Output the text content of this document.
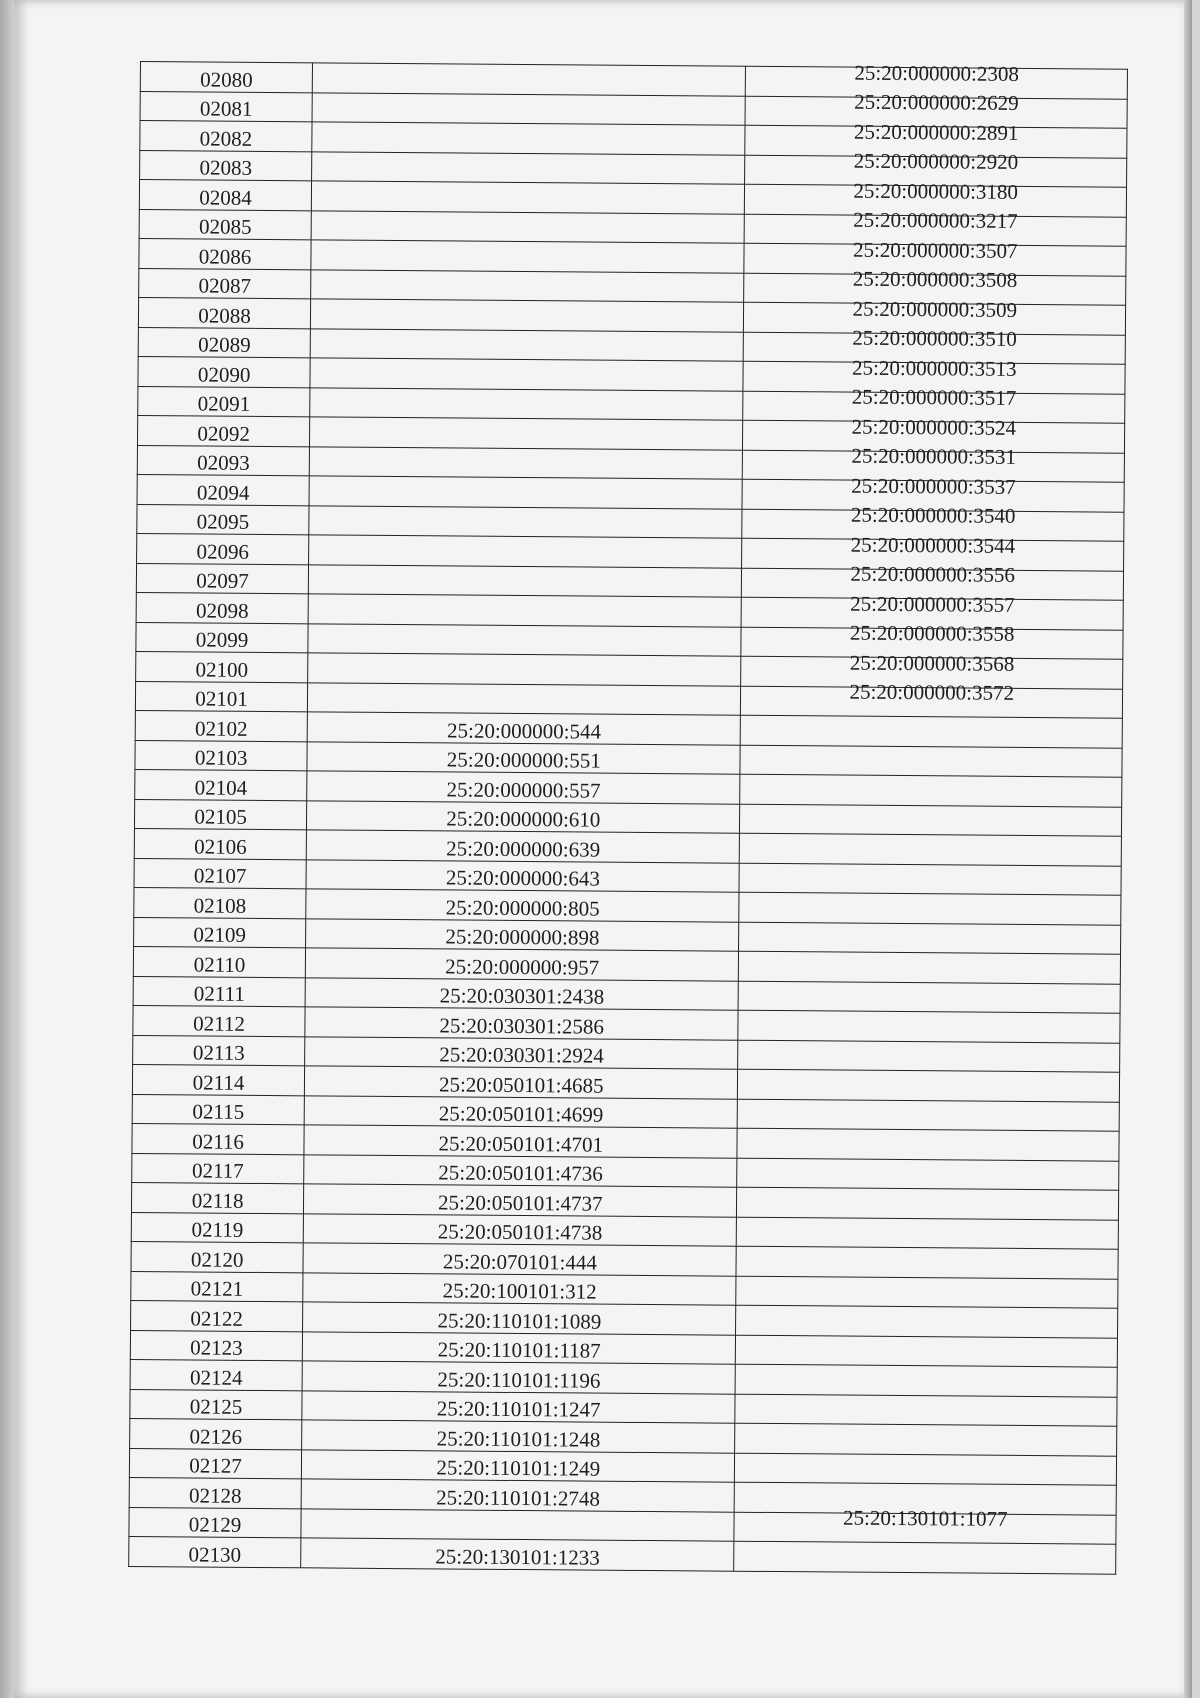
02080		25:20:000000:2308
02081		25:20:000000:2629
02082		25:20:000000:2891
02083		25:20:000000:2920
02084		25:20:000000:3180
02085		25:20:000000:3217
02086		25:20:000000:3507
02087		25:20:000000:3508
02088		25:20:000000:3509
02089		25:20:000000:3510
02090		25:20:000000:3513
02091		25:20:000000:3517
02092		25:20:000000:3524
02093		25:20:000000:3531
02094		25:20:000000:3537
02095		25:20:000000:3540
02096		25:20:000000:3544
02097		25:20:000000:3556
02098		25:20:000000:3557
02099		25:20:000000:3558
02100		25:20:000000:3568
02101		25:20:000000:3572
02102	25:20:000000:544	
02103	25:20:000000:551	
02104	25:20:000000:557	
02105	25:20:000000:610	
02106	25:20:000000:639	
02107	25:20:000000:643	
02108	25:20:000000:805	
02109	25:20:000000:898	
02110	25:20:000000:957	
02111	25:20:030301:2438	
02112	25:20:030301:2586	
02113	25:20:030301:2924	
02114	25:20:050101:4685	
02115	25:20:050101:4699	
02116	25:20:050101:4701	
02117	25:20:050101:4736	
02118	25:20:050101:4737	
02119	25:20:050101:4738	
02120	25:20:070101:444	
02121	25:20:100101:312	
02122	25:20:110101:1089	
02123	25:20:110101:1187	
02124	25:20:110101:1196	
02125	25:20:110101:1247	
02126	25:20:110101:1248	
02127	25:20:110101:1249	
02128	25:20:110101:2748	
02129		25:20:130101:1077
02130	25:20:130101:1233	
